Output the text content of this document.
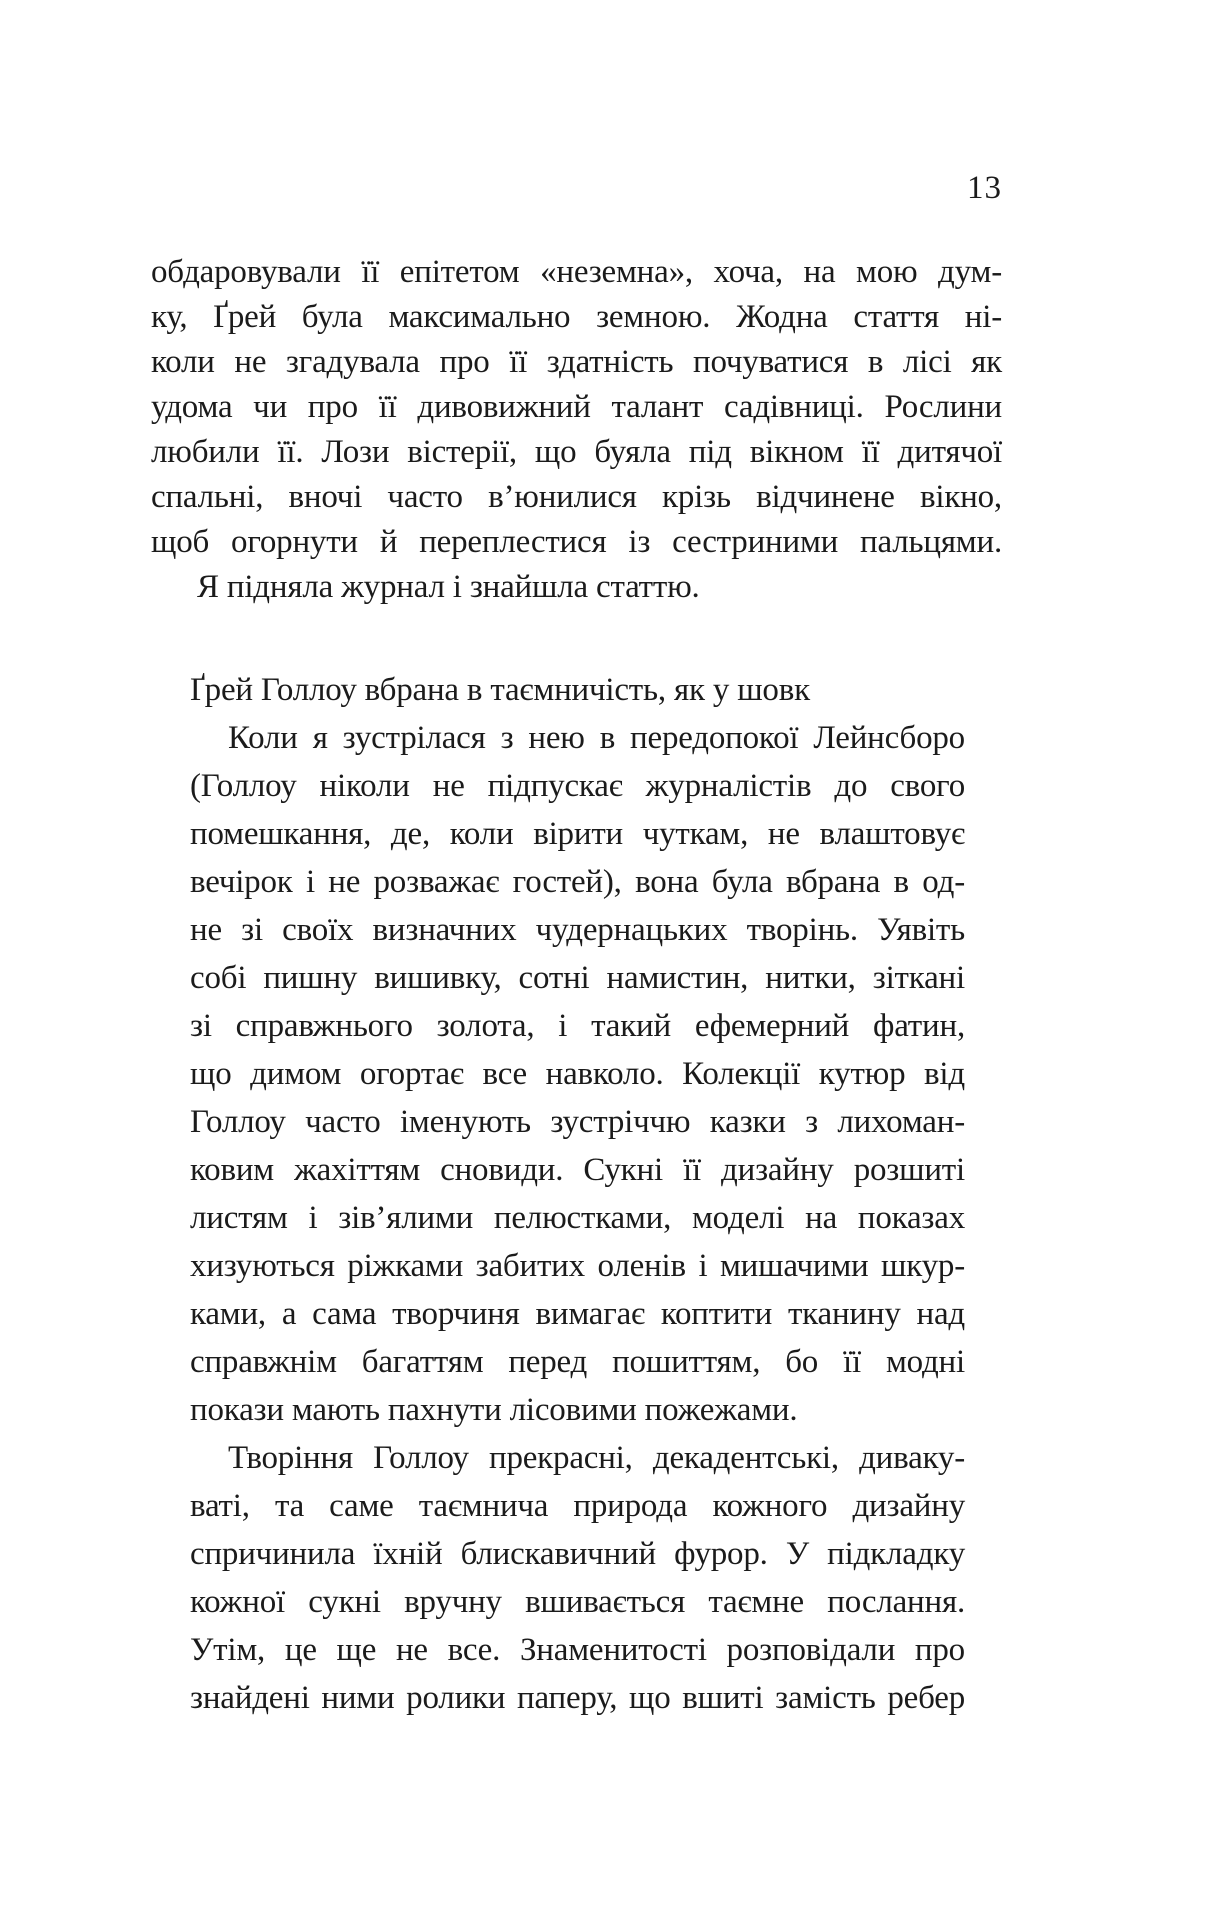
13
обдаровували її епітетом «неземна», хоча, на мою дум-
ку, Ґрей була максимально земною. Жодна стаття ні-
коли не згадувала про її здатність почуватися в лісі як
удома чи про її дивовижний талант садівниці. Рослини
любили її. Лози вістерії, що буяла під вікном її дитячої
спальні, вночі часто в’юнилися крізь відчинене вікно,
щоб огорнути й переплестися із сестриними пальцями.
Я підняла журнал і знайшла статтю.
Ґрей Голлоу вбрана в таємничість, як у шовк
Коли я зустрілася з нею в передопокої Лейнсборо
(Голлоу ніколи не підпускає журналістів до свого
помешкання, де, коли вірити чуткам, не влаштовує
вечірок і не розважає гостей), вона була вбрана в од-
не зі своїх визначних чудернацьких творінь. Уявіть
собі пишну вишивку, сотні намистин, нитки, зіткані
зі справжнього золота, і такий ефемерний фатин,
що димом огортає все навколо. Колекції кутюр від
Голлоу часто іменують зустріччю казки з лихоман-
ковим жахіттям сновиди. Сукні її дизайну розшиті
листям і зів’ялими пелюстками, моделі на показах
хизуються ріжками забитих оленів і мишачими шкур-
ками, а сама творчиня вимагає коптити тканину над
справжнім багаттям перед пошиттям, бо її модні
покази мають пахнути лісовими пожежами.
Творіння Голлоу прекрасні, декадентські, диваку-
ваті, та саме таємнича природа кожного дизайну
спричинила їхній блискавичний фурор. У підкладку
кожної сукні вручну вшивається таємне послання.
Утім, це ще не все. Знаменитості розповідали про
знайдені ними ролики паперу, що вшиті замість ребер
